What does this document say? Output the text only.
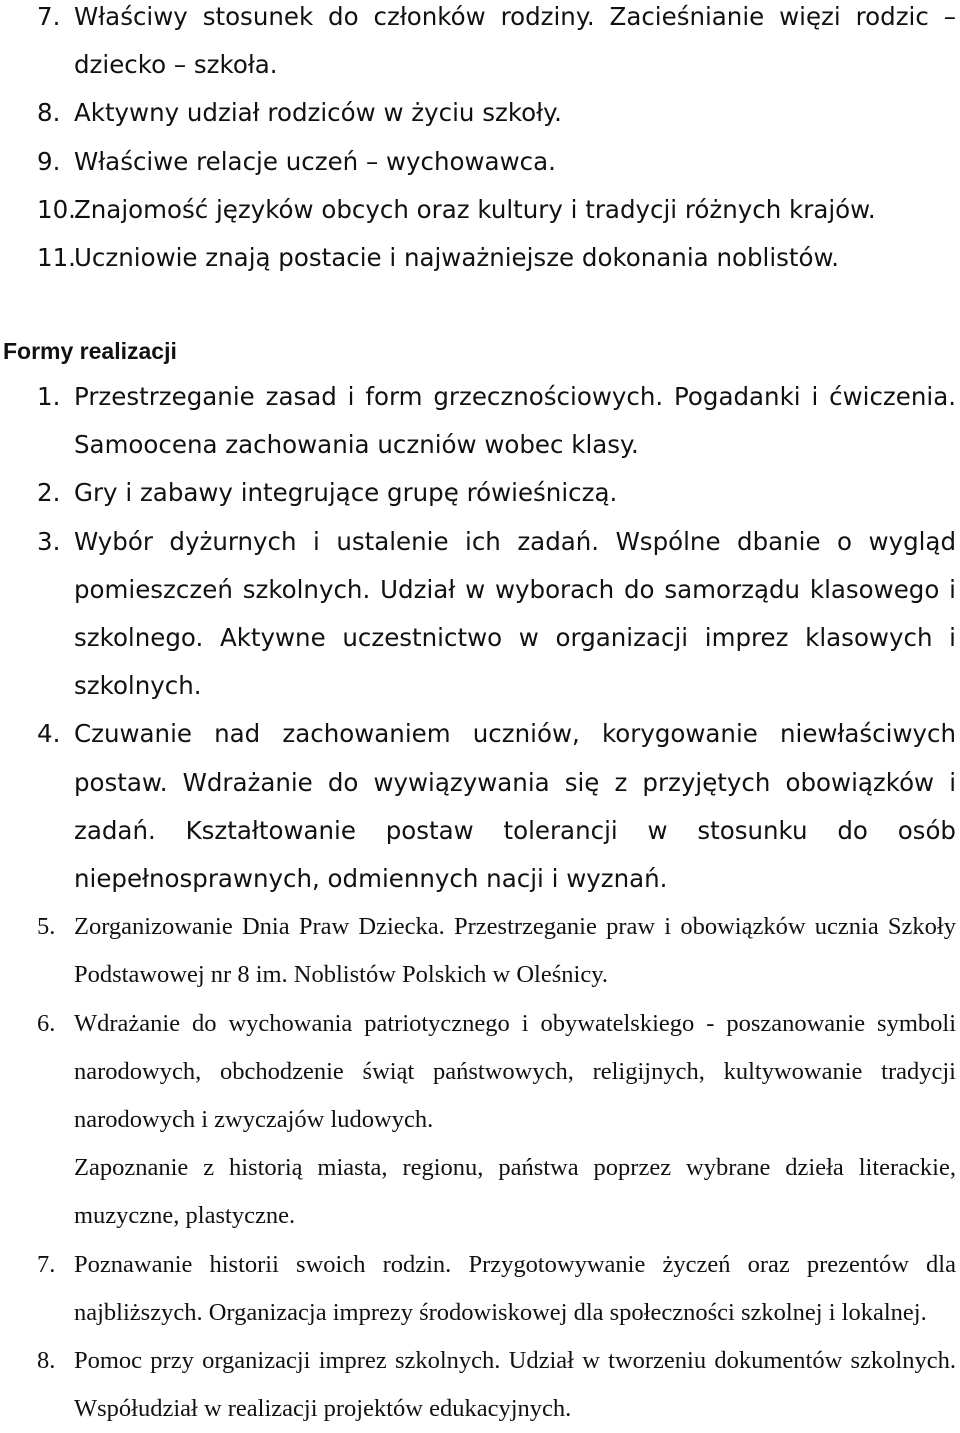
7. Właściwy stosunek do członków rodziny. Zacieśnianie więzi rodzic – dziecko – szkoła.
8. Aktywny udział rodziców w życiu szkoły.
9. Właściwe relacje uczeń – wychowawca.
10.
Znajomość języków obcych oraz kultury i tradycji różnych krajów.
11.
Uczniowie znają postacie i najważniejsze dokonania noblistów.
Formy realizacji
1. Przestrzeganie zasad i form grzecznościowych. Pogadanki i ćwiczenia. Samoocena zachowania uczniów wobec klasy.
2. Gry i zabawy integrujące grupę rówieśniczą.
3. Wybór dyżurnych i ustalenie ich zadań. Wspólne dbanie o wygląd pomieszczeń szkolnych. Udział w wyborach do samorządu klasowego i szkolnego. Aktywne uczestnictwo w organizacji imprez klasowych i szkolnych.
4. Czuwanie nad zachowaniem uczniów, korygowanie niewłaściwych postaw. Wdrażanie do wywiązywania się z przyjętych obowiązków i zadań. Kształtowanie postaw tolerancji w stosunku do osób niepełnosprawnych, odmiennych nacji i wyznań.
5. Zorganizowanie Dnia Praw Dziecka. Przestrzeganie praw i obowiązków ucznia Szkoły Podstawowej nr 8 im. Noblistów Polskich w Oleśnicy.
6. Wdrażanie do wychowania patriotycznego i obywatelskiego - poszanowanie symboli narodowych, obchodzenie świąt państwowych, religijnych, kultywowanie tradycji narodowych i zwyczajów ludowych.
Zapoznanie z historią miasta, regionu, państwa poprzez wybrane dzieła literackie, muzyczne, plastyczne.
7. Poznawanie historii swoich rodzin. Przygotowywanie życzeń oraz prezentów dla najbliższych. Organizacja imprezy środowiskowej dla społeczności szkolnej i lokalnej.
8. Pomoc przy organizacji imprez szkolnych. Udział w tworzeniu dokumentów szkolnych. Współudział w realizacji projektów edukacyjnych.
